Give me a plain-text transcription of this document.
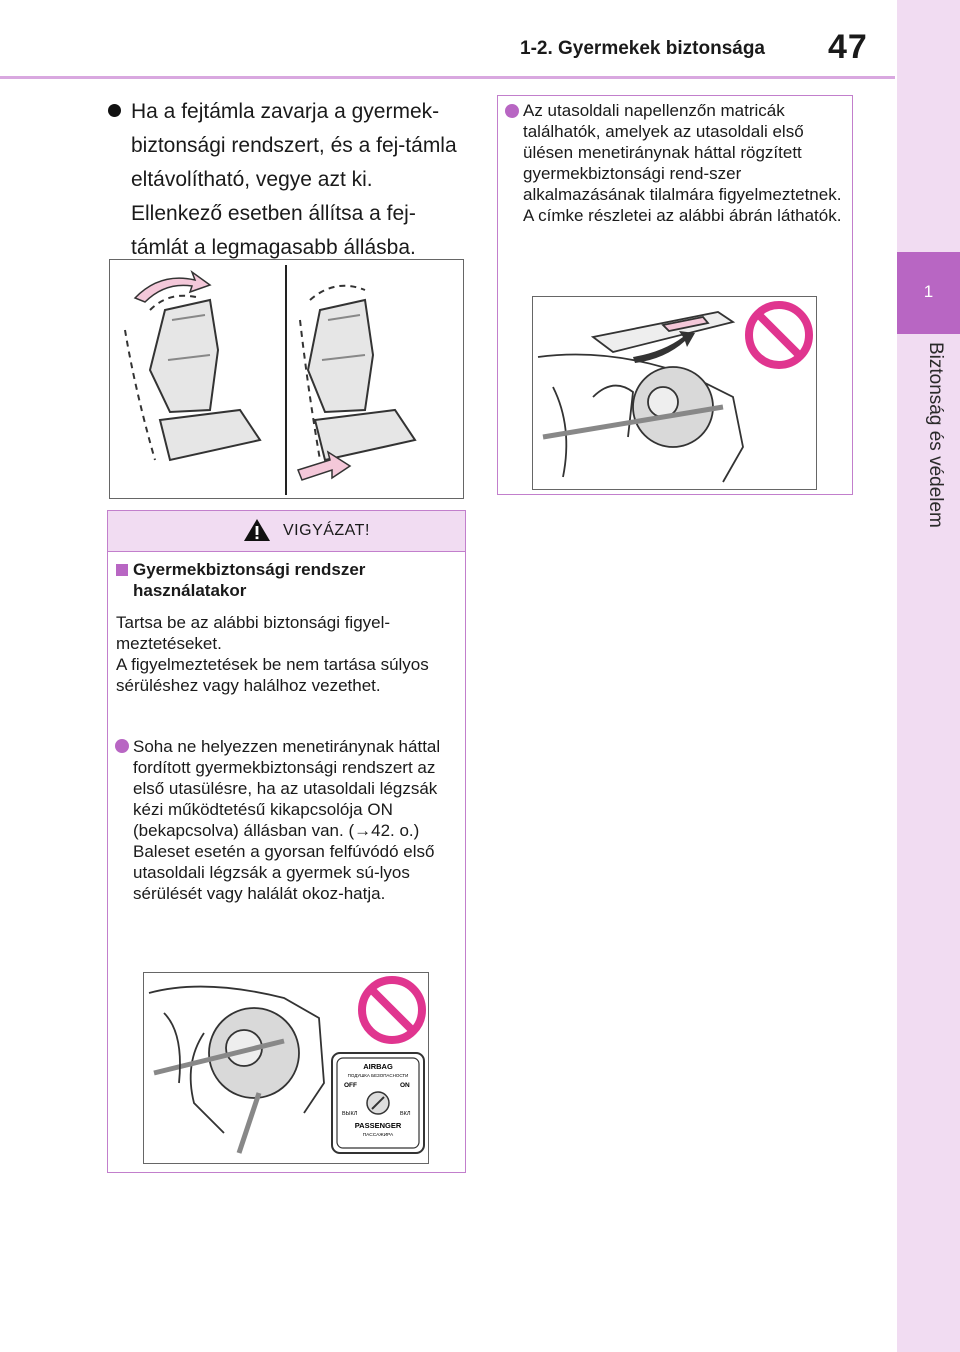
1-2. Gyermekek biztonsága 47
1
Biztonság és védelem
Ha a fejtámla zavarja a gyermek-biztonsági rendszert, és a fej-támla eltávolítható, vegye azt ki. Ellenkező esetben állítsa a fej-támlát a legmagasabb állásba.
VIGYÁZAT!
Gyermekbiztonsági rendszer használatakor
Tartsa be az alábbi biztonsági figyel-meztetéseket.
A figyelmeztetések be nem tartása súlyos sérüléshez vagy halálhoz vezethet.
Soha ne helyezzen menetiránynak háttal fordított gyermekbiztonsági rendszert az első utasülésre, ha az utasoldali légzsák kézi működtetésű kikapcsolója ON (bekapcsolva) állásban van. (→42. o.) Baleset esetén a gyorsan felfúvódó első utasoldali légzsák a gyermek sú-lyos sérülését vagy halálát okoz-hatja.
AIRBAG
ПОДУШКА БЕЗОПАСНОСТИ
OFF	ON
ВЫКЛ	ВКЛ
PASSENGER
ПАССАЖИРА
Az utasoldali napellenzőn matricák találhatók, amelyek az utasoldali első ülésen menetiránynak háttal rögzített gyermekbiztonsági rend-szer alkalmazásának tilalmára figyelmeztetnek.
A címke részletei az alábbi ábrán láthatók.
